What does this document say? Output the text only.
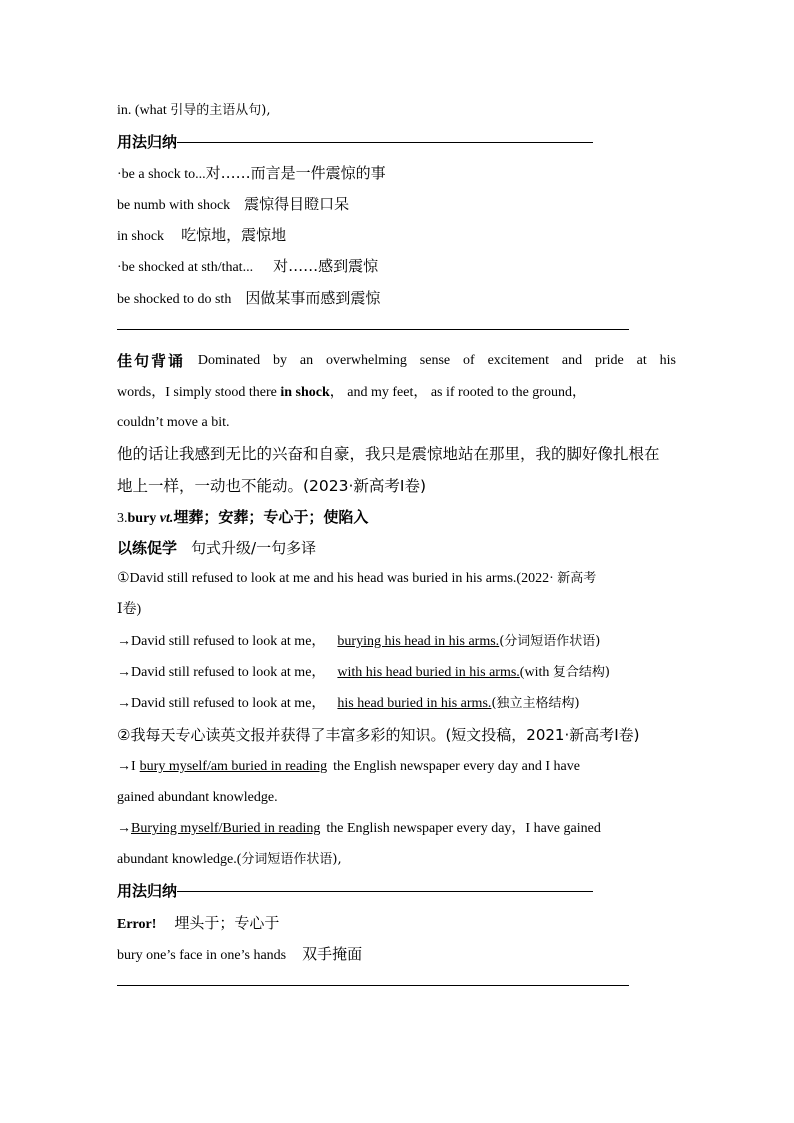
in. (what 引导的主语从句),
用法归纳
·be a shock to...对……而言是一件震惊的事
be numb with shock 震惊得目瞪口呆
in shock 吃惊地，震惊地
·be shocked at sth/that... 对……感到震惊
be shocked to do sth 因做某事而感到震惊
佳句背诵 Dominated by an overwhelming sense of excitement and pride at his
words，I simply stood there in shock， and my feet， as if rooted to the ground，
couldn’t move a bit.
他的话让我感到无比的兴奋和自豪，我只是震惊地站在那里，我的脚好像扎根在
地上一样，一动也不能动。(2023·新高考Ⅰ卷)
3.bury vt.埋葬；安葬；专心于；使陷入
以练促学 句式升级/一句多译
①David still refused to look at me and his head was buried in his arms.(2022· 新高考
Ⅰ卷)
→David still refused to look at me， burying his head in his arms.(分词短语作状语)
→David still refused to look at me， with his head buried in his arms.(with 复合结构)
→David still refused to look at me， his head buried in his arms.(独立主格结构)
②我每天专心读英文报并获得了丰富多彩的知识。(短文投稿，2021·新高考Ⅰ卷)
→I bury myself/am buried in reading the English newspaper every day and I have
gained abundant knowledge.
→ Burying myself/Buried in reading the English newspaper every day，I have gained
abundant knowledge.(分词短语作状语),
用法归纳
Error! 埋头于；专心于
bury one’s face in one’s hands 双手掩面
